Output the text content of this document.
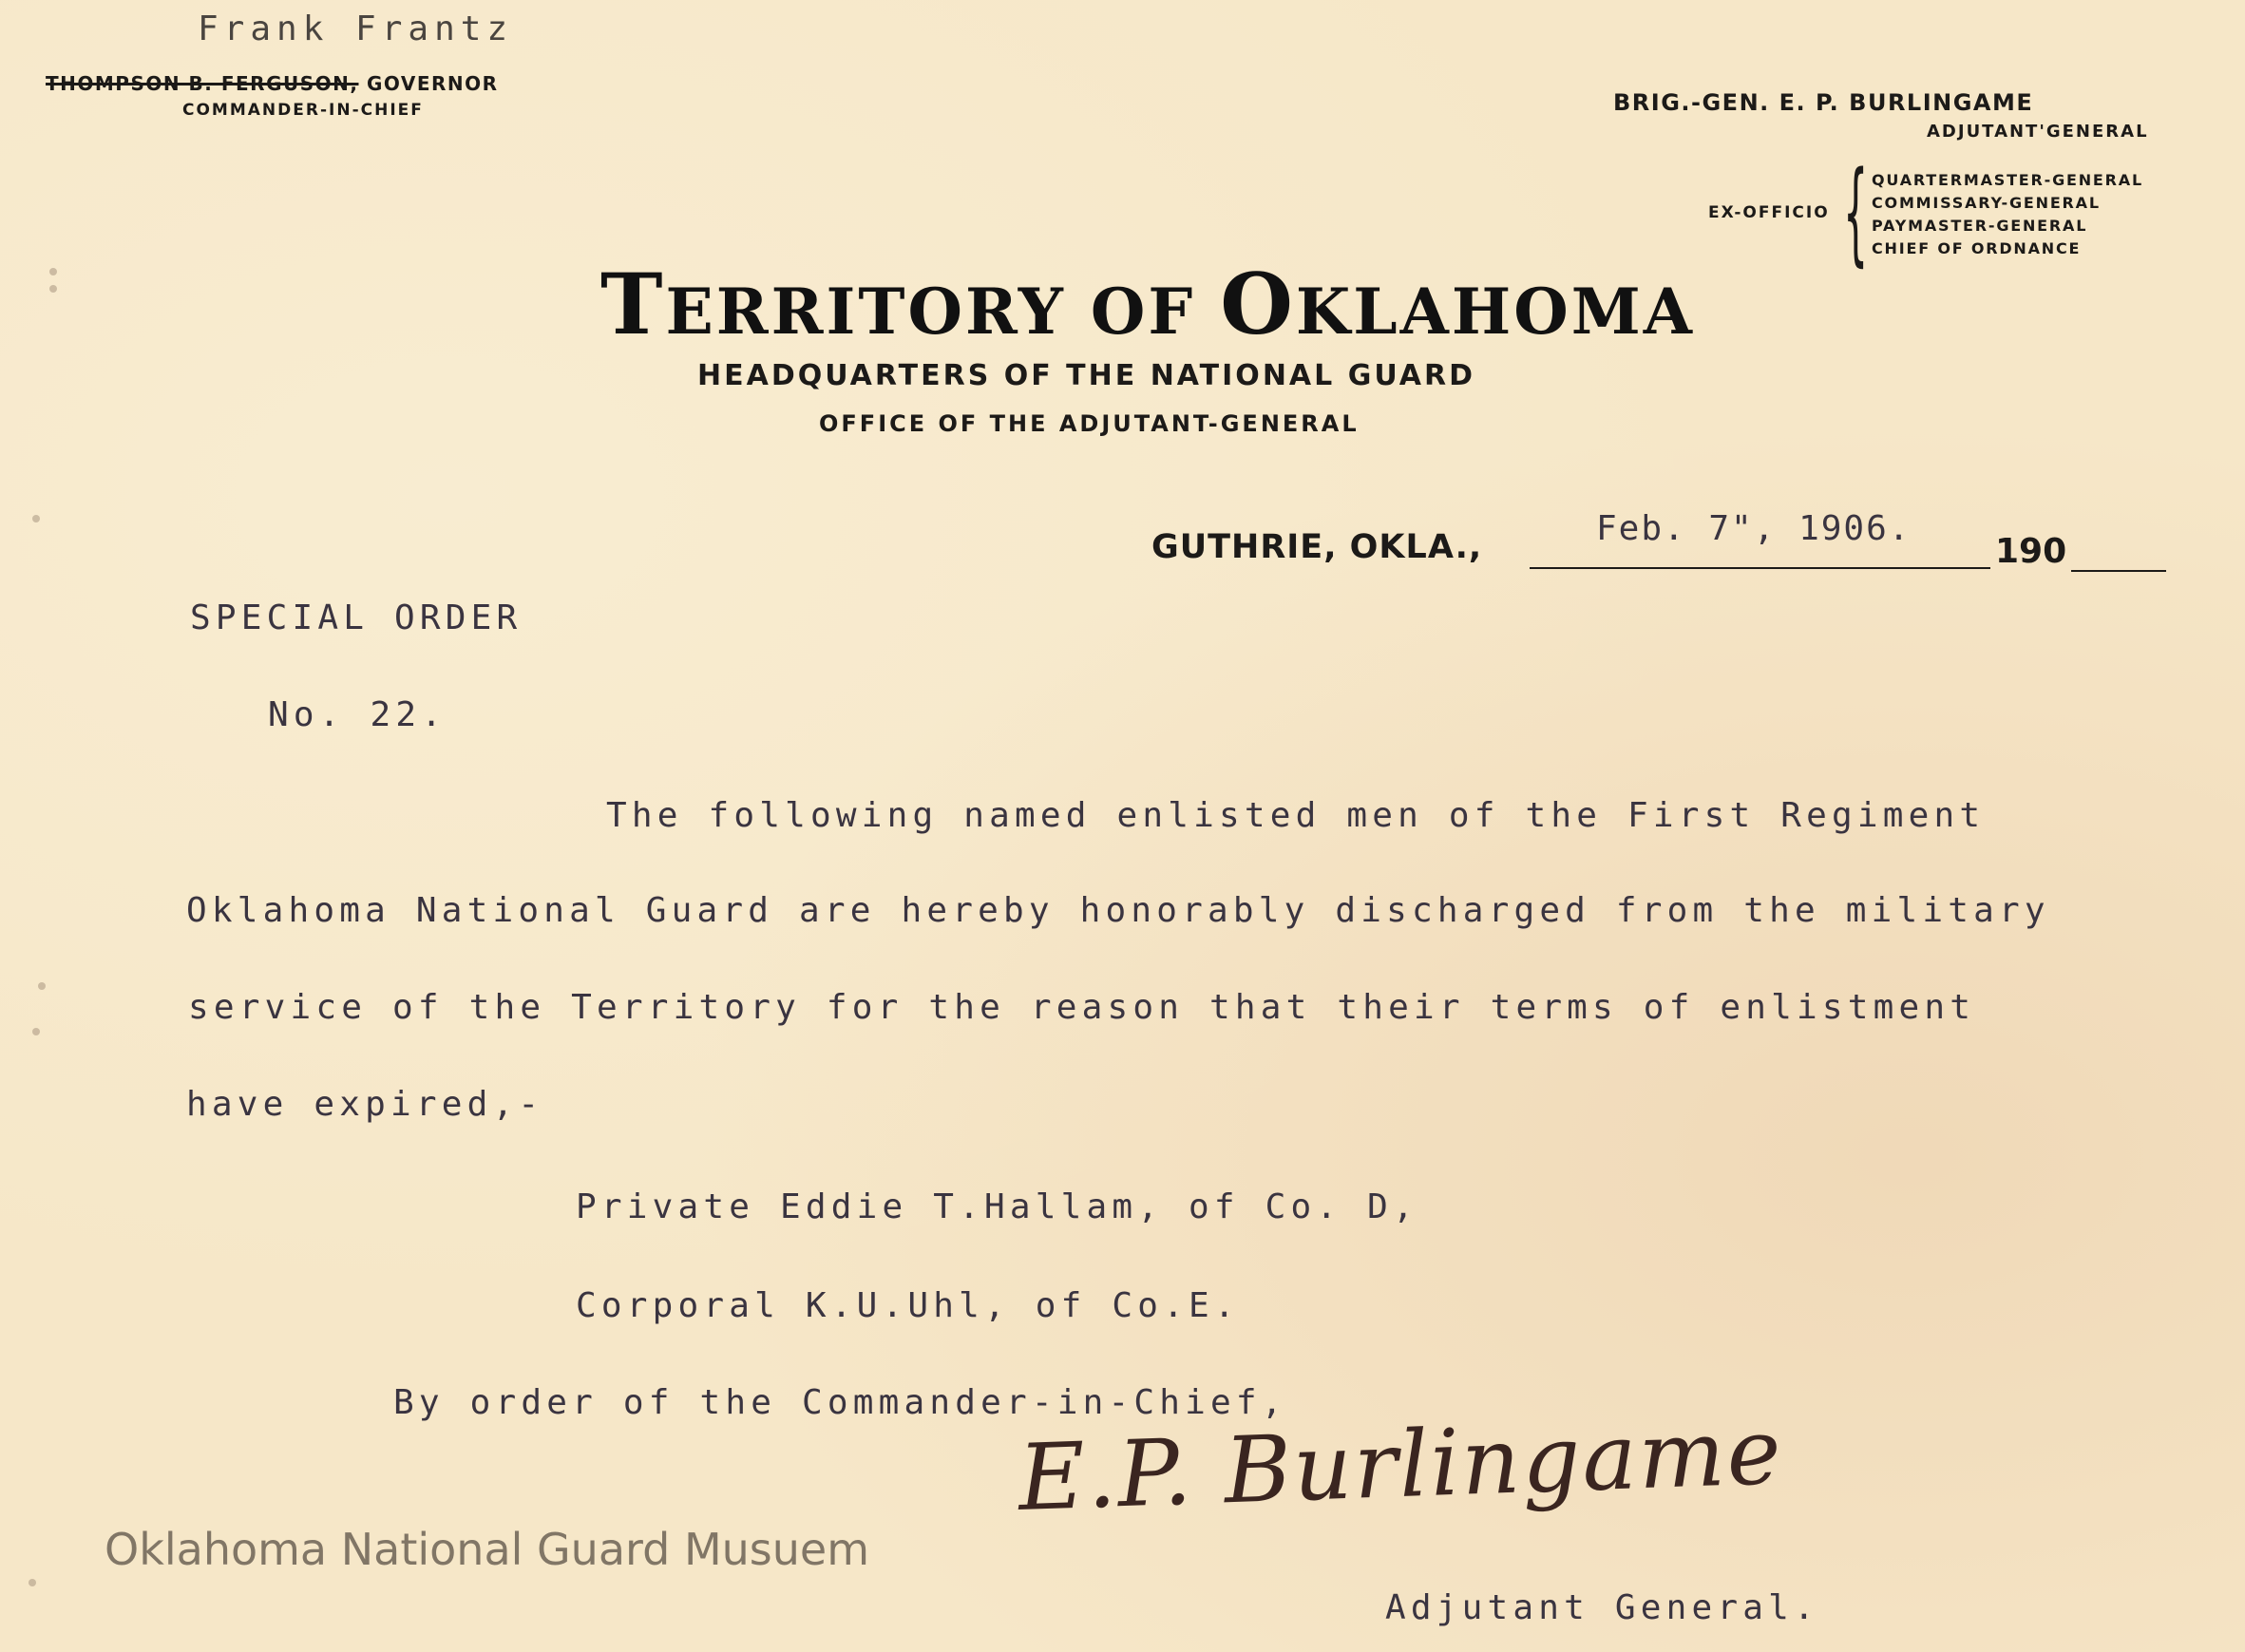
Frank Frantz
THOMPSON B. FERGUSON, GOVERNOR
COMMANDER-IN-CHIEF	BRIG.-GEN. E. P. BURLINGAME
ADJUTANT'GENERAL
EX-OFFICIO { QUARTERMASTER-GENERAL
COMMISSARY-GENERAL
PAYMASTER-GENERAL
CHIEF OF ORDNANCE
TERRITORY OF OKLAHOMA
HEADQUARTERS OF THE NATIONAL GUARD
OFFICE OF THE ADJUTANT-GENERAL
GUTHRIE, OKLA.,	Feb. 7", 1906.
190
SPECIAL ORDER
No. 22.
The following named enlisted men of the First Regiment
Oklahoma National Guard are hereby honorably discharged from the military
service of the Territory for the reason that their terms of enlistment
have expired,-
Private Eddie T.Hallam, of Co. D,
Corporal K.U.Uhl, of Co.E.
By order of the Commander-in-Chief,
E.P. Burlingame
Adjutant General.
Oklahoma National Guard Musuem
